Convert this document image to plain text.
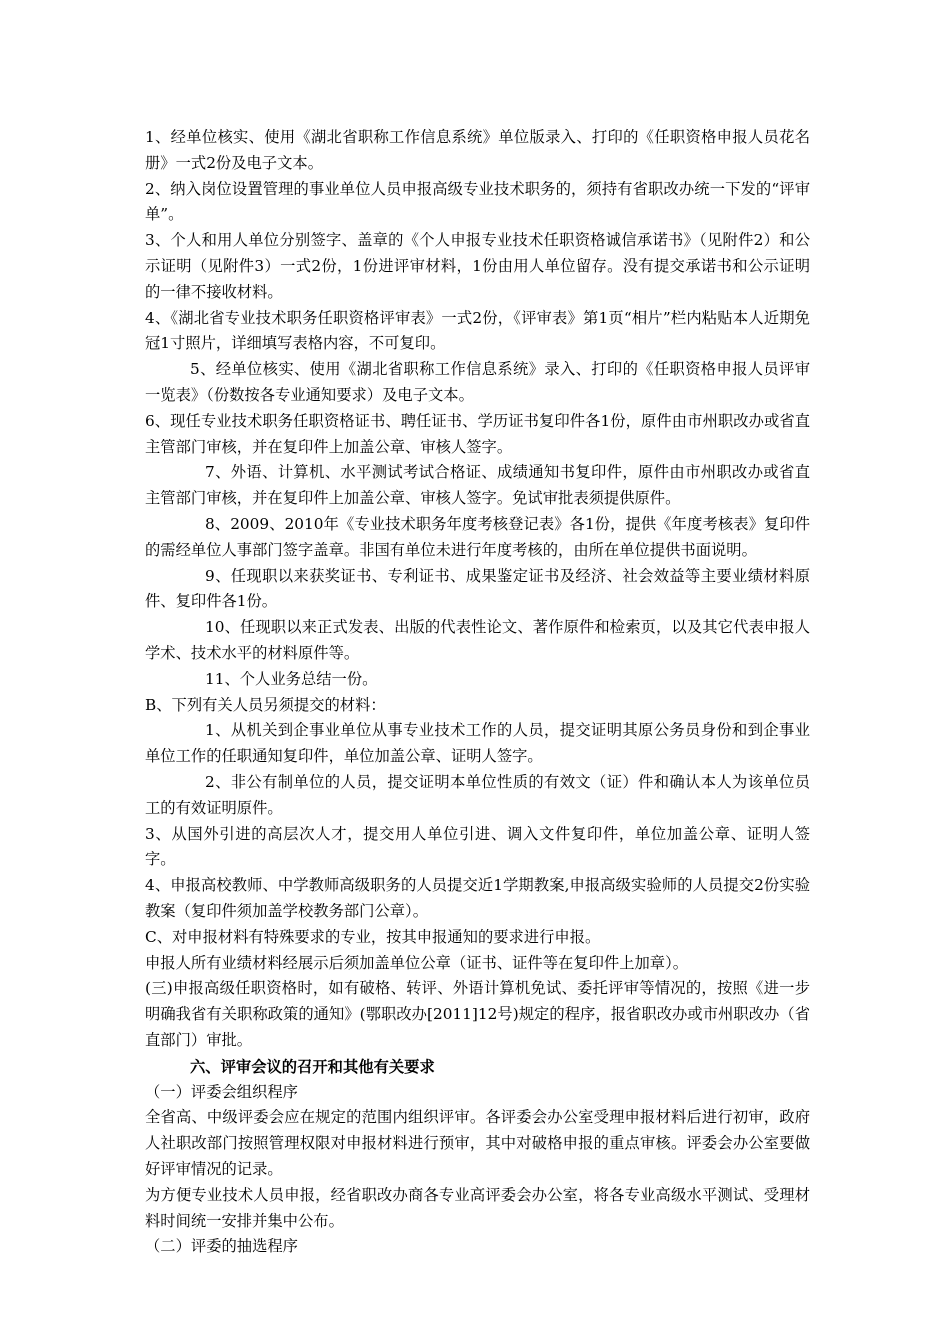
1、经单位核实、使用《湖北省职称工作信息系统》单位版录入、打印的《任职资格申报人员花名册》一式2份及电子文本。

2、纳入岗位设置管理的事业单位人员申报高级专业技术职务的，须持有省职改办统一下发的“评审单”。

3、个人和用人单位分别签字、盖章的《个人申报专业技术任职资格诚信承诺书》（见附件2）和公示证明（见附件3）一式2份，1份进评审材料，1份由用人单位留存。没有提交承诺书和公示证明的一律不接收材料。

4、《湖北省专业技术职务任职资格评审表》一式2份，《评审表》第1页“相片”栏内粘贴本人近期免冠1寸照片，详细填写表格内容，不可复印。

5、经单位核实、使用《湖北省职称工作信息系统》录入、打印的《任职资格申报人员评审一览表》（份数按各专业通知要求）及电子文本。

6、现任专业技术职务任职资格证书、聘任证书、学历证书复印件各1份，原件由市州职改办或省直主管部门审核，并在复印件上加盖公章、审核人签字。

7、外语、计算机、水平测试考试合格证、成绩通知书复印件，原件由市州职改办或省直主管部门审核，并在复印件上加盖公章、审核人签字。免试审批表须提供原件。

8、2009、2010年《专业技术职务年度考核登记表》各1份，提供《年度考核表》复印件的需经单位人事部门签字盖章。非国有单位未进行年度考核的，由所在单位提供书面说明。

9、任现职以来获奖证书、专利证书、成果鉴定证书及经济、社会效益等主要业绩材料原件、复印件各1份。

10、任现职以来正式发表、出版的代表性论文、著作原件和检索页，以及其它代表申报人学术、技术水平的材料原件等。

11、个人业务总结一份。

B、下列有关人员另须提交的材料：

1、从机关到企事业单位从事专业技术工作的人员，提交证明其原公务员身份和到企事业单位工作的任职通知复印件，单位加盖公章、证明人签字。

2、非公有制单位的人员，提交证明本单位性质的有效文（证）件和确认本人为该单位员工的有效证明原件。

3、从国外引进的高层次人才，提交用人单位引进、调入文件复印件，单位加盖公章、证明人签字。

4、申报高校教师、中学教师高级职务的人员提交近1学期教案,申报高级实验师的人员提交2份实验教案（复印件须加盖学校教务部门公章）。

C、对申报材料有特殊要求的专业，按其申报通知的要求进行申报。

申报人所有业绩材料经展示后须加盖单位公章（证书、证件等在复印件上加章）。

(三)申报高级任职资格时，如有破格、转评、外语计算机免试、委托评审等情况的，按照《进一步明确我省有关职称政策的通知》(鄂职改办[2011]12号)规定的程序，报省职改办或市州职改办（省直部门）审批。

六、评审会议的召开和其他有关要求

（一）评委会组织程序

全省高、中级评委会应在规定的范围内组织评审。各评委会办公室受理申报材料后进行初审，政府人社职改部门按照管理权限对申报材料进行预审，其中对破格申报的重点审核。评委会办公室要做好评审情况的记录。

为方便专业技术人员申报，经省职改办商各专业高评委会办公室，将各专业高级水平测试、受理材料时间统一安排并集中公布。

（二）评委的抽选程序
